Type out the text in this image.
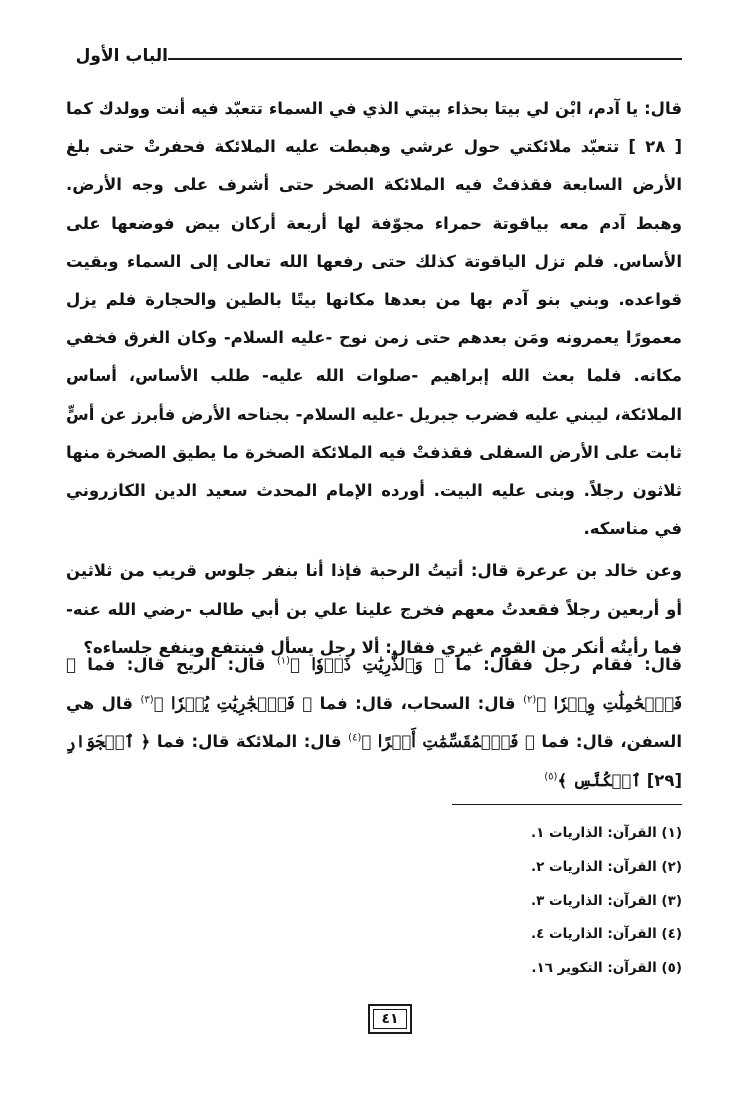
الباب الأول

قال: يا آدم، ابْن لي بيتا بحذاء بيتي الذي في السماء تتعبّد فيه أنت وولدك كما [ ٢٨ ] تتعبّد ملائكتي حول عرشي وهبطت عليه الملائكة فحفرتْ حتى بلغ الأرض السابعة فقذفتْ فيه الملائكة الصخر حتى أشرف على وجه الأرض. وهبط آدم معه بياقوتة حمراء مجوّفة لها أربعة أركان بيض فوضعها على الأساس. فلم تزل الياقوتة كذلك حتى رفعها الله تعالى إلى السماء وبقيت قواعده. وبني بنو آدم بها من بعدها مكانها بيتًا بالطين والحجارة فلم يزل معمورًا يعمرونه ومَن بعدهم حتى زمن نوح -عليه السلام- وكان الغرق فخفي مكانه. فلما بعث الله إبراهيم -صلوات الله عليه- طلب الأساس، أساس الملائكة، ليبني عليه فضرب جبريل -عليه السلام- بجناحه الأرض فأبرز عن أسٍّ ثابت على الأرض السفلى فقذفتْ فيه الملائكة الصخرة ما يطيق الصخرة منها ثلاثون رجلاً. وبنى عليه البيت. أورده الإمام المحدث سعيد الدين الكازروني في مناسكه.

وعن خالد بن عرعرة قال: أتيتُ الرحبة فإذا أنا بنفر جلوس قريب من ثلاثين أو أربعين رجلاً فقعدتُ معهم فخرج علينا علي بن أبي طالب -رضي الله عنه- فما رأيتُه أنكر من القوم غيري فقال: ألا رجل يسأل فينتفع وينفع جلساءه؟

قال: فقام رجل فقال: ما ﴿ وَٱلذَّٰرِيَٰتِ ذَرۡوٗا ﴾$^{(١)}$ قال: الريح قال: فما ﴿ فَٱلۡحَٰمِلَٰتِ وِقۡرٗا ﴾$^{(٢)}$ قال: السحاب، قال: فما ﴿ فَٱلۡجَٰرِيَٰتِ يُسۡرٗا ﴾$^{(٣)}$ قال هي السفن، قال: فما ﴿ فَٱلۡمُقَسِّمَٰتِ أَمۡرًا ﴾$^{(٤)}$ قال: الملائكة قال: فما ﴿ ٱلۡجَوَارِ [٢٩] ٱلۡكُنَّسِ ﴾$^{(٥)}$

(١) القرآن: الذاريات ١.
(٢) القرآن: الذاريات ٢.
(٣) القرآن: الذاريات ٣.
(٤) القرآن: الذاريات ٤.
(٥) القرآن: التكوير ١٦.
٤١
